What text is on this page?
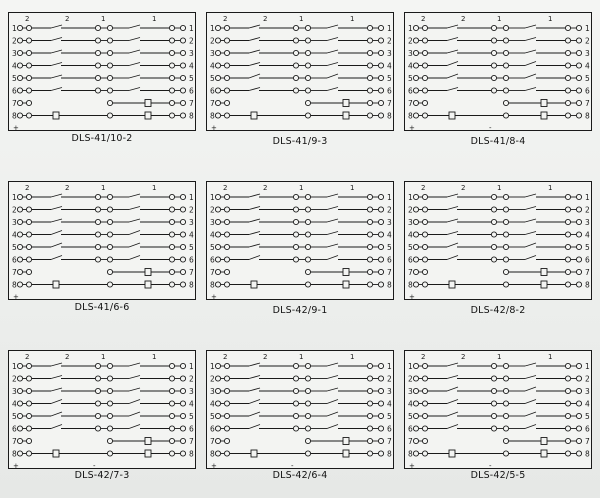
2	2	1	1
1	1
2	2
3	3
4	4
5	5
6	6
7	7
8	8
+
DLS-41/10-2
2	2	1	1
1	1
2	2
3	3
4	4
5	5
6	6
7	7
8	8
+
DLS-41/9-3
2	2	1	1
1	1
2	2
3	3
4	4
5	5
6	6
7	7
8	8
+	-
DLS-41/8-4
2	2	1	1
1	1
2	2
3	3
4	4
5	5
6	6
7	7
8	8
+
DLS-41/6-6
2	2	1	1
1	1
2	2
3	3
4	4
5	5
6	6
7	7
8	8
+
DLS-42/9-1
2	2	1	1
1	1
2	2
3	3
4	4
5	5
6	6
7	7
8	8
+
DLS-42/8-2
2	2	1	1
1	1
2	2
3	3
4	4
5	5
6	6
7	7
8	8
+	-
DLS-42/7-3
2	2	1	1
1	1
2	2
3	3
4	4
5	5
6	6
7	7
8	8
+	-
DLS-42/6-4
2	2	1	1
1	1
2	2
3	3
4	4
5	5
6	6
7	7
8	8
+	-
DLS-42/5-5
